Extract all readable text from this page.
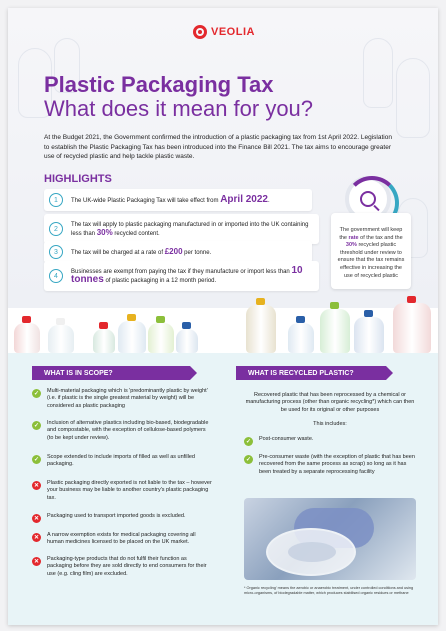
VEOLIA
Plastic Packaging Tax
What does it mean for you?
At the Budget 2021, the Government confirmed the introduction of a plastic packaging tax from 1st April 2022. Legislation to establish the Plastic Packaging Tax has been introduced into the Finance Bill 2021. The tax aims to encourage greater use of recycled plastic and help tackle plastic waste.
HIGHLIGHTS
1	The UK-wide Plastic Packaging Tax will take effect from April 2022.
2
The tax will apply to plastic packaging manufactured in or imported into the UK containing less than 30% recycled content.
3	The tax will be charged at a rate of £200 per tonne.
4
Businesses are exempt from paying the tax if they manufacture or import less than 10 tonnes of plastic packaging in a 12 month period.
The government will keep the rate of the tax and the 30% recycled plastic threshold under review to ensure that the tax remains effective in increasing the use of recycled plastic
WHAT IS IN SCOPE?
✓	Multi-material packaging which is 'predominantly plastic by weight' (i.e. if plastic is the single greatest material by weight) will be considered as plastic packaging
✓	Inclusion of alternative plastics including bio-based, biodegradable and compostable, with the exception of cellulose-based polymers (to be kept under review).
✓	Scope extended to include imports of filled as well as unfilled packaging.
✕	Plastic packaging directly exported is not liable to the tax – however your business may be liable to another country's plastic packaging tax.
✕	Packaging used to transport imported goods is excluded.
✕	A narrow exemption exists for medical packaging covering all human medicines licensed to be placed on the UK market.
✕	Packaging-type products that do not fulfil their function as packaging before they are sold directly to end consumers for their use (e.g. cling film) are excluded.
WHAT IS RECYCLED PLASTIC?
Recovered plastic that has been reprocessed by a chemical or manufacturing process (other than organic recycling*) which can then be used for its original or other purposes
This includes:
✓	Post-consumer waste.
✓	Pre-consumer waste (with the exception of plastic that has been recovered from the same process as scrap) so long as it has been treated by a separate reprocessing facility
* Organic recycling' means the aerobic or anaerobic treatment, under controlled conditions and using micro-organisms, of biodegradable matter, which produces stabilised organic residues or methane
